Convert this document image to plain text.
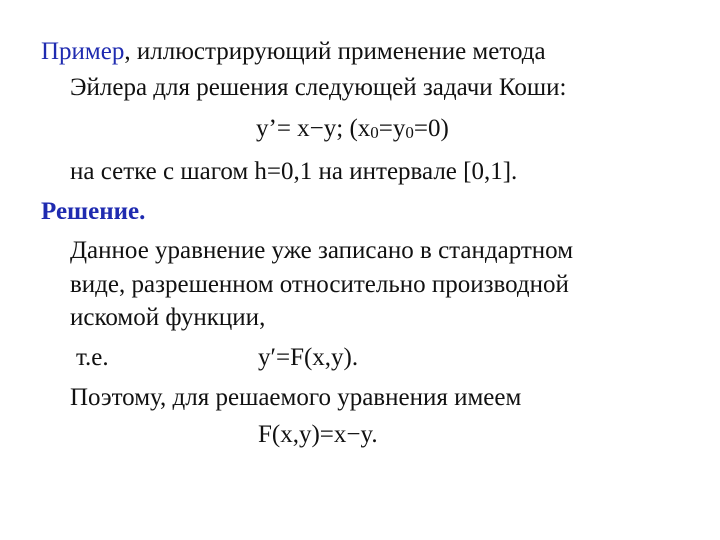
Пример, иллюстрирующий применение метода
Эйлера для решения следующей задачи Коши:
y’= x−y; (x0=y0=0)
на сетке с шагом h=0,1 на интервале [0,1].
Решение.
Данное уравнение уже записано в стандартном
виде, разрешенном относительно производной
искомой функции,
т.е.	y′=F(x,y).
Поэтому, для решаемого уравнения имеем
F(x,y)=x−y.
